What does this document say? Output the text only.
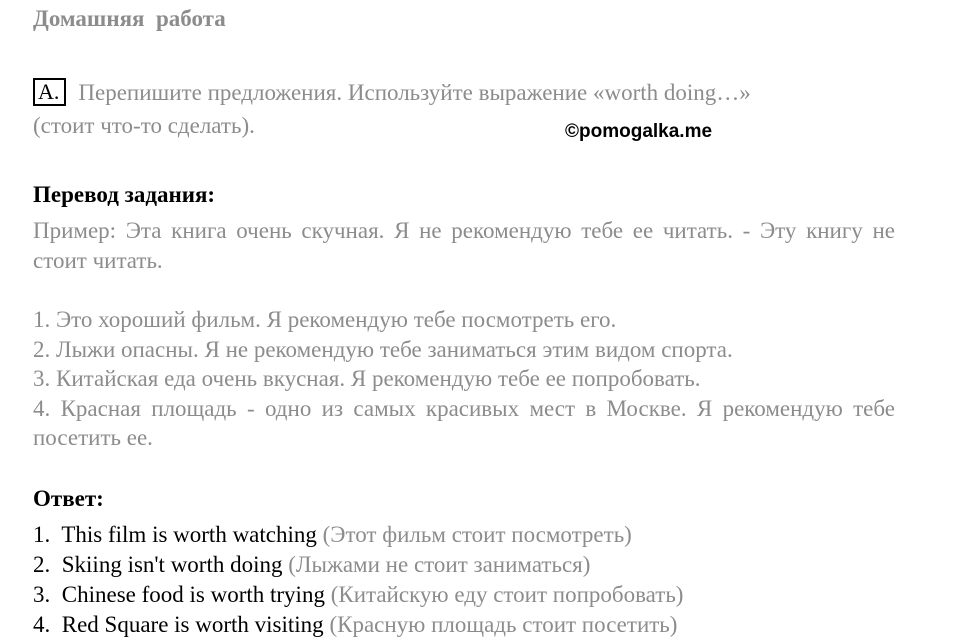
Домашняя  работа
A. Перепишите предложения. Используйте выражение «worth doing…»
(стоит что-то сделать).	©pomogalka.me
Перевод задания:

Пример: Эта книга очень скучная. Я не рекомендую тебе ее читать. - Эту книгу не стоит читать.

1. Это хороший фильм. Я рекомендую тебе посмотреть его.
2. Лыжи опасны. Я не рекомендую тебе заниматься этим видом спорта.
3. Китайская еда очень вкусная. Я рекомендую тебе ее попробовать.
4. Красная площадь - одно из самых красивых мест в Москве. Я рекомендую тебе посетить ее.
Ответ:
1. This film is worth watching (Этот фильм стоит посмотреть)
2. Skiing isn't worth doing (Лыжами не стоит заниматься)
3. Chinese food is worth trying (Китайскую еду стоит попробовать)
4. Red Square is worth visiting (Красную площадь стоит посетить)
